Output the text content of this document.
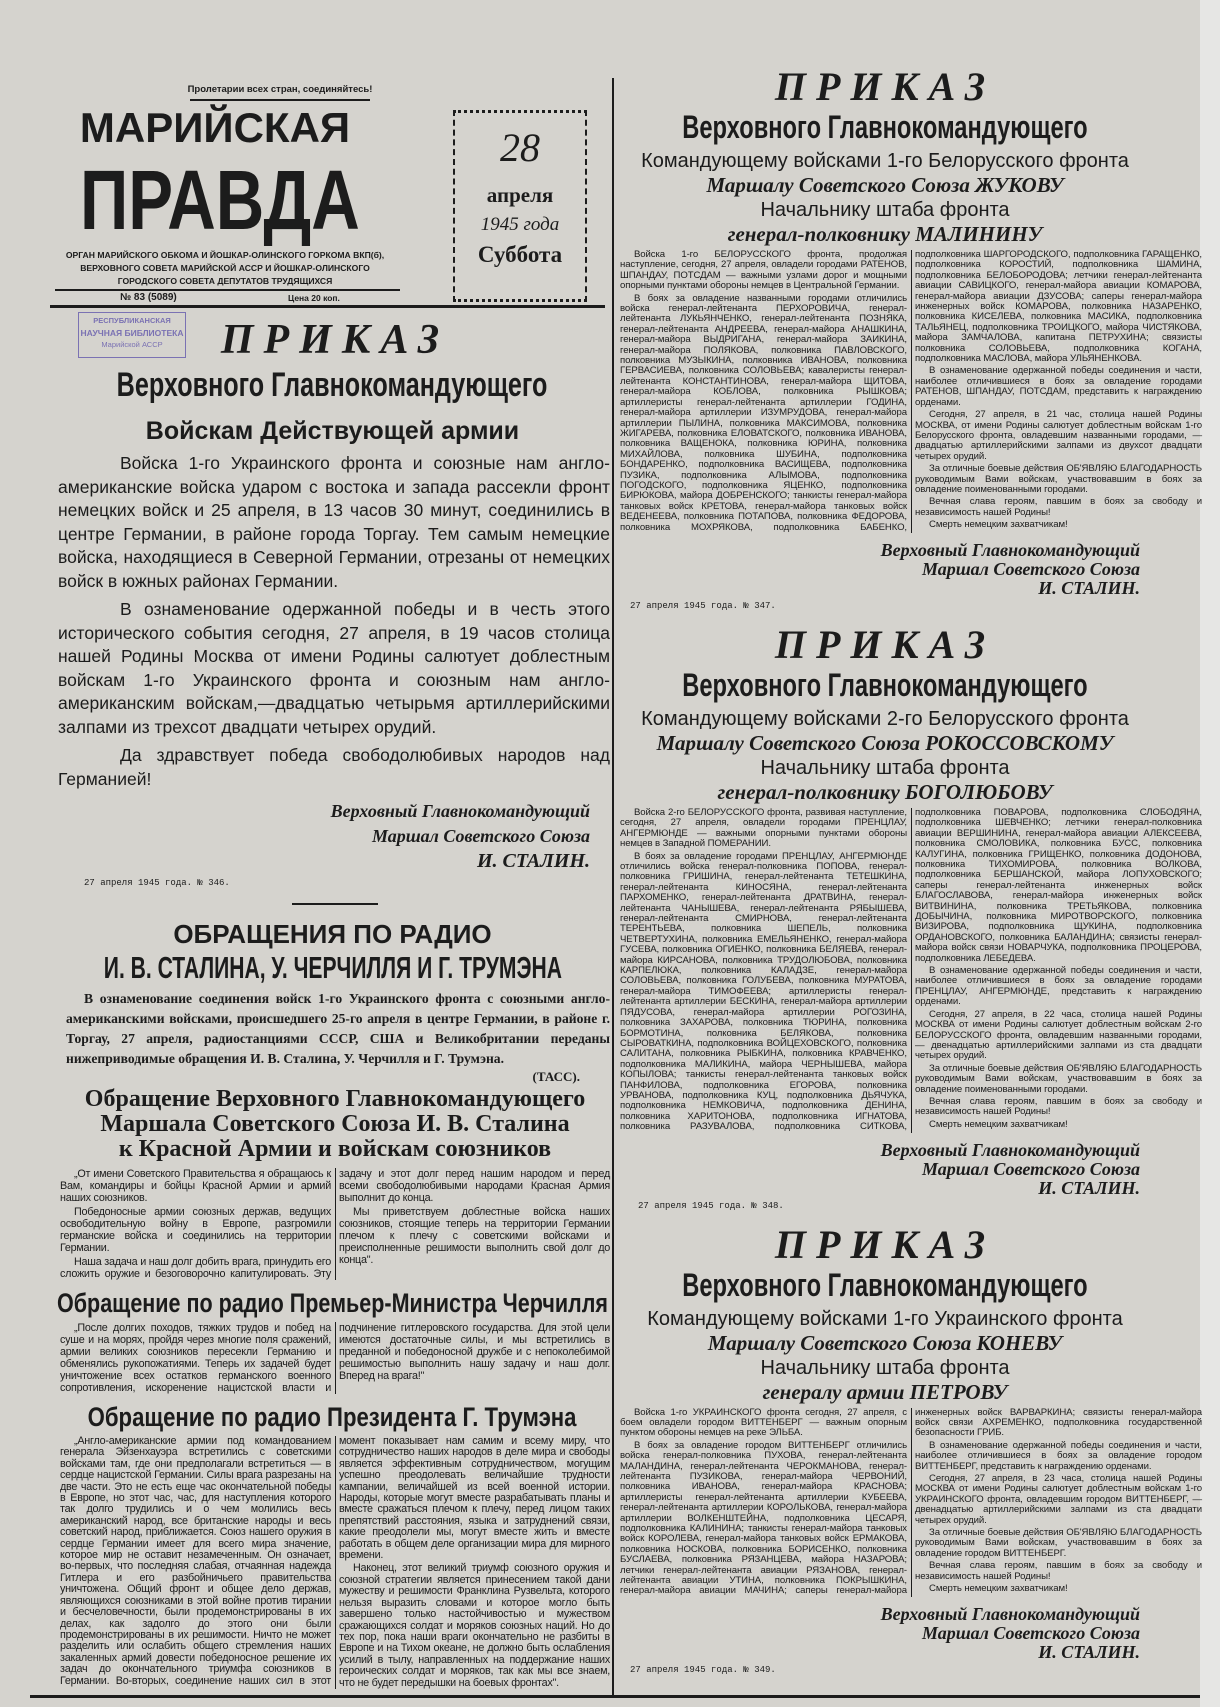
Пролетарии всех стран, соединяйтесь!
МАРИЙСКАЯ
ПРАВДА
ОРГАН МАРИЙСКОГО ОБКОМА И ЙОШКАР-ОЛИНСКОГО ГОРКОМА ВКП(б),
ВЕРХОВНОГО СОВЕТА МАРИЙСКОЙ АССР И ЙОШКАР-ОЛИНСКОГО
ГОРОДСКОГО СОВЕТА ДЕПУТАТОВ ТРУДЯЩИХСЯ
№ 83 (5089)	Цена 20 коп.
28
апреля
1945 года
Суббота
РЕСПУБЛИКАНСКАЯ
НАУЧНАЯ БИБЛИОТЕКА
Марийской АССР	ПРИКАЗ
Верховного Главнокомандующего
Войскам Действующей армии

Войска 1-го Украинского фронта и союзные нам англо-американские войска ударом с востока и запада рассекли фронт немецких войск и 25 апреля, в 13 часов 30 минут, соединились в центре Германии, в районе города Торгау. Тем самым немецкие войска, находящиеся в Северной Германии, отрезаны от немецких войск в южных районах Германии.

В ознаменование одержанной победы и в честь этого исторического события сегодня, 27 апреля, в 19 часов столица нашей Родины Москва от имени Родины салютует доблестным войскам 1-го Украинского фронта и союзным нам англо-американским войскам,—двадцатью четырьмя артиллерийскими залпами из трехсот двадцати четырех орудий.

Да здравствует победа свободолюбивых народов над Германией!

Верховный Главнокомандующий
Маршал Советского Союза
И. СТАЛИН.
27 апреля 1945 года. № 346.
ОБРАЩЕНИЯ ПО РАДИО
И. В. СТАЛИНА, У. ЧЕРЧИЛЛЯ И Г. ТРУМЭНА
В ознаменование соединения войск 1-го Украинского фронта с союзными англо-американскими войсками, происшедшего 25-го апреля в центре Германии, в районе г. Торгау, 27 апреля, радиостанциями СССР, США и Великобритании переданы нижеприводимые обращения И. В. Сталина, У. Черчилля и Г. Трумэна.
(ТАСС).
Обращение Верховного Главнокомандующего
Маршала Советского Союза И. В. Сталина
к Красной Армии и войскам союзников

„От имени Советского Правительства я обращаюсь к Вам, командиры и бойцы Красной Армии и армий наших союзников.

Победоносные армии союзных держав, ведущих освободительную войну в Европе, разгромили германские войска и соединились на территории Германии.

Наша задача и наш долг добить врага, принудить его сложить оружие и безоговорочно капитулировать. Эту задачу и этот долг перед нашим народом и перед всеми свободолюбивыми народами Красная Армия выполнит до конца.

Мы приветствуем доблестные войска наших союзников, стоящие теперь на территории Германии плечом к плечу с советскими войсками и преисполненные решимости выполнить свой долг до конца".

Обращение по радио Премьер-Министра Черчилля

„После долгих походов, тяжких трудов и побед на суше и на морях, пройдя через многие поля сражений, армии великих союзников пересекли Германию и обменялись рукопожатиями. Теперь их задачей будет уничтожение всех остатков германского военного сопротивления, искоренение нацистской власти и подчинение гитлеровского государства. Для этой цели имеются достаточные силы, и мы встретились в преданной и победоносной дружбе и с непоколебимой решимостью выполнить нашу задачу и наш долг. Вперед на врага!"

Обращение по радио Президента Г. Трумэна

„Англо-американские армии под командованием генерала Эйзенхауэра встретились с советскими войсками там, где они предполагали встретиться — в сердце нацистской Германии. Силы врага разрезаны на две части. Это не есть еще час окончательной победы в Европе, но этот час, час, для наступления которого так долго трудились и о чем молились весь американский народ, все британские народы и весь советский народ, приближается. Союз нашего оружия в сердце Германии имеет для всего мира значение, которое мир не оставит незамеченным. Он означает, во-первых, что последняя слабая, отчаянная надежда Гитлера и его разбойничьего правительства уничтожена. Общий фронт и общее дело держав, являющихся союзниками в этой войне против тирании и бесчеловечности, были продемонстрированы в их делах, как задолго до этого они были продемонстрированы в их решимости. Ничто не может разделить или ослабить общего стремления наших закаленных армий довести победоносное решение их задач до окончательного триумфа союзников в Германии. Во-вторых, соединение наших сил в этот момент показывает нам самим и всему миру, что сотрудничество наших народов в деле мира и свободы является эффективным сотрудничеством, могущим успешно преодолевать величайшие трудности кампании, величайшей из всей военной истории. Народы, которые могут вместе разрабатывать планы и вместе сражаться плечом к плечу, перед лицом таких препятствий расстояния, языка и затруднений связи, какие преодолели мы, могут вместе жить и вместе работать в общем деле организации мира для мирного времени.

Наконец, этот великий триумф союзного оружия и союзной стратегии является принесением такой дани мужеству и решимости Франклина Рузвельта, которого нельзя выразить словами и которое могло быть завершено только настойчивостью и мужеством сражающихся солдат и моряков союзных наций. Но до тех пор, пока наши враги окончательно не разбиты в Европе и на Тихом океане, не должно быть ослабления усилий в тылу, направленных на поддержание наших героических солдат и моряков, так как мы все знаем, что не будет передышки на боевых фронтах".

ПРИКАЗ
Верховного Главнокомандующего
Командующему войсками 1-го Белорусского фронта
Маршалу Советского Союза ЖУКОВУ
Начальнику штаба фронта
генерал-полковнику МАЛИНИНУ

Войска 1-го БЕЛОРУССКОГО фронта, продолжая наступление, сегодня, 27 апреля, овладели городами РАТЕНОВ, ШПАНДАУ, ПОТСДАМ — важными узлами дорог и мощными опорными пунктами обороны немцев в Центральной Германии.

В боях за овладение названными городами отличились войска генерал-лейтенанта ПЕРХОРОВИЧА, генерал-лейтенанта ЛУКЬЯНЧЕНКО, генерал-лейтенанта ПОЗНЯКА, генерал-лейтенанта АНДРЕЕВА, генерал-майора АНАШКИНА, генерал-майора ВЫДРИГАНА, генерал-майора ЗАИКИНА, генерал-майора ПОЛЯКОВА, полковника ПАВЛОВСКОГО, полковника МУЗЫКИНА, полковника ИВАНОВА, полковника ГЕРВАСИЕВА, полковника СОЛОВЬЕВА; кавалеристы генерал-лейтенанта КОНСТАНТИНОВА, генерал-майора ЩИТОВА, генерал-майора КОБЛОВА, полковника РЫШКОВА; артиллеристы генерал-лейтенанта артиллерии ГОДИНА, генерал-майора артиллерии ИЗУМРУДОВА, генерал-майора артиллерии ПЫЛИНА, полковника МАКСИМОВА, полковника ЖИГАРЕВА, полковника ЕЛОВАТСКОГО, полковника ИВАНОВА, полковника ВАЩЕНОКА, полковника ЮРИНА, полковника МИХАЙЛОВА, полковника ШУБИНА, подполковника БОНДАРЕНКО, подполковника ВАСИЩЕВА, подполковника ПУЗИКА, подполковника АЛЫМОВА, подполковника ПОГОДСКОГО, подполковника ЯЦЕНКО, подполковника БИРЮКОВА, майора ДОБРЕНСКОГО; танкисты генерал-майора танковых войск КРЕТОВА, генерал-майора танковых войск ВЕДЕНЕЕВА, полковника ПОТАПОВА, полковника ФЕДОРОВА, полковника МОХРЯКОВА, подполковника БАБЕНКО, подполковника ШАРГОРОДСКОГО, подполковника ГАРАЩЕНКО, подполковника КОРОСТИЙ, подполковника ШАМИНА, подполковника БЕЛОБОРОДОВА; летчики генерал-лейтенанта авиации САВИЦКОГО, генерал-майора авиации КОМАРОВА, генерал-майора авиации ДЗУСОВА; саперы генерал-майора инженерных войск КОМАРОВА, полковника НАЗАРЕНКО, полковника КИСЕЛЕВА, полковника МАСИКА, подполковника ТАЛЬЯНЕЦ, подполковника ТРОИЦКОГО, майора ЧИСТЯКОВА, майора ЗАМЧАЛОВА, капитана ПЕТРУХИНА; связисты полковника СОЛОВЬЕВА, подполковника КОГАНА, подполковника МАСЛОВА, майора УЛЬЯНЕНКОВА.

В ознаменование одержанной победы соединения и части, наиболее отличившиеся в боях за овладение городами РАТЕНОВ, ШПАНДАУ, ПОТСДАМ, представить к награждению орденами.

Сегодня, 27 апреля, в 21 час, столица нашей Родины МОСКВА, от имени Родины салютует доблестным войскам 1-го Белорусского фронта, овладевшим названными городами, — двадцатью артиллерийскими залпами из двухсот двадцати четырех орудий.

За отличные боевые действия ОБ'ЯВЛЯЮ БЛАГОДАРНОСТЬ руководимым Вами войскам, участвовавшим в боях за овладение поименованными городами.

Вечная слава героям, павшим в боях за свободу и независимость нашей Родины!

Смерть немецким захватчикам!

Верховный Главнокомандующий
Маршал Советского Союза
И. СТАЛИН.
27 апреля 1945 года. № 347.
ПРИКАЗ
Верховного Главнокомандующего
Командующему войсками 2-го Белорусского фронта
Маршалу Советского Союза РОКОССОВСКОМУ
Начальнику штаба фронта
генерал-полковнику БОГОЛЮБОВУ

Войска 2-го БЕЛОРУССКОГО фронта, развивая наступление, сегодня, 27 апреля, овладели городами ПРЕНЦЛАУ, АНГЕРМЮНДЕ — важными опорными пунктами обороны немцев в Западной ПОМЕРАНИИ.

В боях за овладение городами ПРЕНЦЛАУ, АНГЕРМЮНДЕ отличились войска генерал-полковника ПОПОВА, генерал-полковника ГРИШИНА, генерал-лейтенанта ТЕТЕШКИНА, генерал-лейтенанта КИНОСЯНА, генерал-лейтенанта ПАРХОМЕНКО, генерал-лейтенанта ДРАТВИНА, генерал-лейтенанта ЧАНЫШЕВА, генерал-лейтенанта РЯБЫШЕВА, генерал-лейтенанта СМИРНОВА, генерал-лейтенанта ТЕРЕНТЬЕВА, полковника ШЕПЕЛЬ, полковника ЧЕТВЕРТУХИНА, полковника ЕМЕЛЬЯНЕНКО, генерал-майора ГУСЕВА, полковника ОГИЕНКО, полковника БЕЛЯЕВА, генерал-майора КИРСАНОВА, полковника ТРУДОЛЮБОВА, полковника КАРПЕЛЮКА, полковника КАЛАДЗЕ, генерал-майора СОЛОВЬЕВА, полковника ГОЛУБЕВА, полковника МУРАТОВА, генерал-майора ТИМОФЕЕВА; артиллеристы генерал-лейтенанта артиллерии БЕСКИНА, генерал-майора артиллерии ПЯДУСОВА, генерал-майора артиллерии РОГОЗИНА, полковника ЗАХАРОВА, полковника ТЮРИНА, полковника БОРМОТИНА, полковника БЕЛЯКОВА, полковника СЫРОВАТКИНА, подполковника ВОЙЦЕХОВСКОГО, полковника САЛИТАНА, полковника РЫБКИНА, полковника КРАВЧЕНКО, подполковника МАЛИКИНА, майора ЧЕРНЫШЕВА, майора КОПЫЛОВА; танкисты генерал-лейтенанта танковых войск ПАНФИЛОВА, подполковника ЕГОРОВА, полковника УРВАНОВА, подполковника КУЦ, подполковника ДЬЯЧУКА, подполковника НЕМКОВИЧА, подполковника ДЕНИНА, полковника ХАРИТОНОВА, подполковника ИГНАТОВА, полковника РАЗУВАЛОВА, подполковника СИТКОВА, подполковника ПОВАРОВА, подполковника СЛОБОДЯНА, подполковника ШЕВЧЕНКО; летчики генерал-полковника авиации ВЕРШИНИНА, генерал-майора авиации АЛЕКСЕЕВА, полковника СМОЛОВИКА, полковника БУСС, полковника КАЛУГИНА, полковника ГРИЩЕНКО, полковника ДОДОНОВА, полковника ТИХОМИРОВА, полковника ВОЛКОВА, подполковника БЕРШАНСКОЙ, майора ЛОПУХОВСКОГО; саперы генерал-лейтенанта инженерных войск БЛАГОСЛАВОВА, генерал-майора инженерных войск ВИТВИНИНА, полковника ТРЕТЬЯКОВА, полковника ДОБЫЧИНА, полковника МИРОТВОРСКОГО, полковника ВИЗИРОВА, подполковника ЩУКИНА, подполковника ОРДАНОВСКОГО, полковника БАЛАНДИНА; связисты генерал-майора войск связи НОВАРЧУКА, подполковника ПРОЦЕРОВА, подполковника ЛЕБЕДЕВА.

В ознаменование одержанной победы соединения и части, наиболее отличившиеся в боях за овладение городами ПРЕНЦЛАУ, АНГЕРМЮНДЕ, представить к награждению орденами.

Сегодня, 27 апреля, в 22 часа, столица нашей Родины МОСКВА от имени Родины салютует доблестным войскам 2-го БЕЛОРУССКОГО фронта, овладевшим названными городами, — двенадцатью артиллерийскими залпами из ста двадцати четырех орудий.

За отличные боевые действия ОБ'ЯВЛЯЮ БЛАГОДАРНОСТЬ руководимым Вами войскам, участвовавшим в боях за овладение поименованными городами.

Вечная слава героям, павшим в боях за свободу и независимость нашей Родины!

Смерть немецким захватчикам!

Верховный Главнокомандующий
Маршал Советского Союза
И. СТАЛИН.
27 апреля 1945 года. № 348.
ПРИКАЗ
Верховного Главнокомандующего
Командующему войсками 1-го Украинского фронта
Маршалу Советского Союза КОНЕВУ
Начальнику штаба фронта
генералу армии ПЕТРОВУ

Войска 1-го УКРАИНСКОГО фронта сегодня, 27 апреля, с боем овладели городом ВИТТЕНБЕРГ — важным опорным пунктом обороны немцев на реке ЭЛЬБА.

В боях за овладение городом ВИТТЕНБЕРГ отличились войска генерал-полковника ПУХОВА, генерал-лейтенанта МАЛАНДИНА, генерал-лейтенанта ЧЕРОКМАНОВА, генерал-лейтенанта ПУЗИКОВА, генерал-майора ЧЕРВОНИЙ, полковника ИВАНОВА, генерал-майора КРАСНОВА; артиллеристы генерал-лейтенанта артиллерии КУБЕЕВА, генерал-лейтенанта артиллерии КОРОЛЬКОВА, генерал-майора артиллерии ВОЛКЕНШТЕЙНА, подполковника ЦЕСАРЯ, подполковника КАЛИНИНА; танкисты генерал-майора танковых войск КОРОЛЕВА, генерал-майора танковых войск ЕРМАКОВА, полковника НОСКОВА, полковника БОРИСЕНКО, полковника БУСЛАЕВА, полковника РЯЗАНЦЕВА, майора НАЗАРОВА; летчики генерал-лейтенанта авиации РЯЗАНОВА, генерал-лейтенанта авиации УТИНА, полковника ПОКРЫШКИНА, генерал-майора авиации МАЧИНА; саперы генерал-майора инженерных войск ВАРВАРКИНА; связисты генерал-майора войск связи АХРЕМЕНКО, подполковника государственной безопасности ГРИБ.

В ознаменование одержанной победы соединения и части, наиболее отличившиеся в боях за овладение городом ВИТТЕНБЕРГ, представить к награждению орденами.

Сегодня, 27 апреля, в 23 часа, столица нашей Родины МОСКВА от имени Родины салютует доблестным войскам 1-го УКРАИНСКОГО фронта, овладевшим городом ВИТТЕНБЕРГ, — двенадцатью артиллерийскими залпами из ста двадцати четырех орудий.

За отличные боевые действия ОБ'ЯВЛЯЮ БЛАГОДАРНОСТЬ руководимым Вами войскам, участвовавшим в боях за овладение городом ВИТТЕНБЕРГ.

Вечная слава героям, павшим в боях за свободу и независимость нашей Родины!

Смерть немецким захватчикам!

Верховный Главнокомандующий
Маршал Советского Союза
И. СТАЛИН.
27 апреля 1945 года. № 349.
